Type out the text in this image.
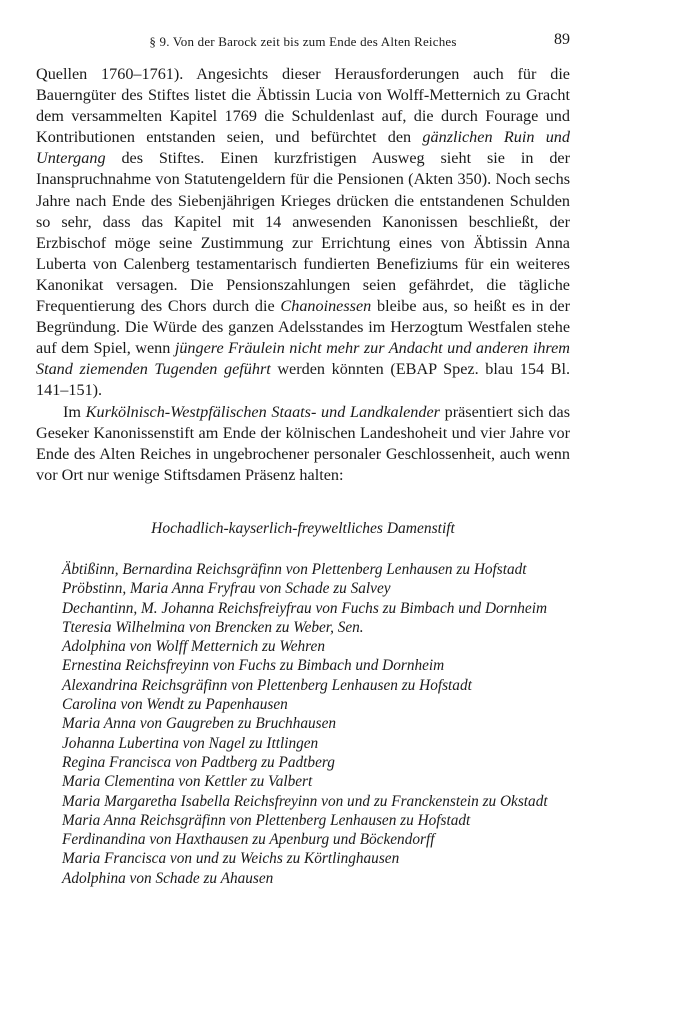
§ 9. Von der Barock zeit bis zum Ende des Alten Reiches	89

Quellen 1760–1761). Angesichts dieser Herausforderungen auch für die Bauerngüter des Stiftes listet die Äbtissin Lucia von Wolff-Metternich zu Gracht dem versammelten Kapitel 1769 die Schuldenlast auf, die durch Fourage und Kontributionen entstanden seien, und befürchtet den gänzlichen Ruin und Untergang des Stiftes. Einen kurzfristigen Ausweg sieht sie in der Inanspruchnahme von Statutengeldern für die Pensionen (Akten 350). Noch sechs Jahre nach Ende des Siebenjährigen Krieges drücken die entstandenen Schulden so sehr, dass das Kapitel mit 14 anwesenden Kanonissen beschließt, der Erzbischof möge seine Zustimmung zur Errichtung eines von Äbtissin Anna Luberta von Calenberg testamentarisch fundierten Benefiziums für ein weiteres Kanonikat versagen. Die Pensionszahlungen seien gefährdet, die tägliche Frequentierung des Chors durch die Chanoinessen bleibe aus, so heißt es in der Begründung. Die Würde des ganzen Adelsstandes im Herzogtum Westfalen stehe auf dem Spiel, wenn jüngere Fräulein nicht mehr zur Andacht und anderen ihrem Stand ziemenden Tugenden geführt werden könnten (EBAP Spez. blau 154 Bl. 141–151).

Im Kurkölnisch-Westpfälischen Staats- und Landkalender präsentiert sich das Geseker Kanonissenstift am Ende der kölnischen Landeshoheit und vier Jahre vor Ende des Alten Reiches in ungebrochener personaler Geschlossenheit, auch wenn vor Ort nur wenige Stiftsdamen Präsenz halten:

Hochadlich-kayserlich-freyweltliches Damenstift
Äbtißinn, Bernardina Reichsgräfinn von Plettenberg Lenhausen zu Hofstadt
Pröbstinn, Maria Anna Fryfrau von Schade zu Salvey
Dechantinn, M. Johanna Reichsfreiyfrau von Fuchs zu Bimbach und Dornheim
Tteresia Wilhelmina von Brencken zu Weber, Sen.
Adolphina von Wolff Metternich zu Wehren
Ernestina Reichsfreyinn von Fuchs zu Bimbach und Dornheim
Alexandrina Reichsgräfinn von Plettenberg Lenhausen zu Hofstadt
Carolina von Wendt zu Papenhausen
Maria Anna von Gaugreben zu Bruchhausen
Johanna Lubertina von Nagel zu Ittlingen
Regina Francisca von Padtberg zu Padtberg
Maria Clementina von Kettler zu Valbert
Maria Margaretha Isabella Reichsfreyinn von und zu Franckenstein zu Okstadt
Maria Anna Reichsgräfinn von Plettenberg Lenhausen zu Hofstadt
Ferdinandina von Haxthausen zu Apenburg und Böckendorff
Maria Francisca von und zu Weichs zu Körtlinghausen
Adolphina von Schade zu Ahausen
